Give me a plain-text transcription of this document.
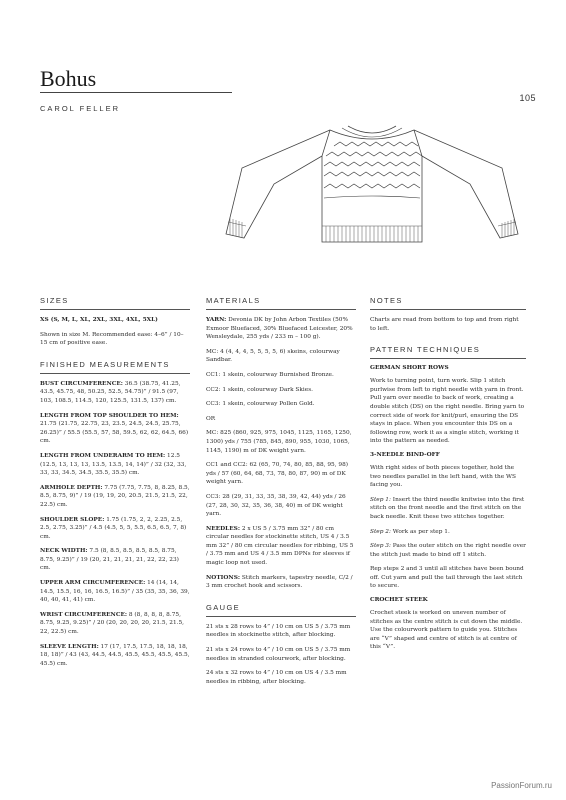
Bohus
105
CAROL FELLER
SIZES

XS (S, M, L, XL, 2XL, 3XL, 4XL, 5XL)

Shown in size M. Recommended ease: 4–6” / 10–15 cm of positive ease.

FINISHED MEASUREMENTS

BUST CIRCUMFERENCE: 36.5 (38.75, 41.25, 43.5, 45.75, 48, 50.25, 52.5, 54.75)” / 91.5 (97, 103, 108.5, 114.5, 120, 125.5, 131.5, 137) cm.

LENGTH FROM TOP SHOULDER TO HEM: 21.75 (21.75, 22.75, 23, 23.5, 24.5, 24.5, 25.75, 26.25)” / 55.5 (55.5, 57, 58, 59.5, 62, 62, 64.5, 66) cm.

LENGTH FROM UNDERARM TO HEM: 12.5 (12.5, 13, 13, 13, 13.5, 13.5, 14, 14)” / 32 (32, 33, 33, 33, 34.5, 34.5, 35.5, 35.5) cm.

ARMHOLE DEPTH: 7.75 (7.75, 7.75, 8, 8.25, 8.5, 8.5, 8.75, 9)” / 19 (19, 19, 20, 20.5, 21.5, 21.5, 22, 22.5) cm.

SHOULDER SLOPE: 1.75 (1.75, 2, 2, 2.25, 2.5, 2.5, 2.75, 3.25)” / 4.5 (4.5, 5, 5, 5.5, 6.5, 6.5, 7, 8) cm.

NECK WIDTH: 7.5 (8, 8.5, 8.5, 8.5, 8.5, 8.75, 8.75, 9.25)” / 19 (20, 21, 21, 21, 21, 22, 22, 23) cm.

UPPER ARM CIRCUMFERENCE: 14 (14, 14, 14.5, 15.5, 16, 16, 16.5, 16.5)” / 35 (35, 35, 36, 39, 40, 40, 41, 41) cm.

WRIST CIRCUMFERENCE: 8 (8, 8, 8, 8, 8.75, 8.75, 9.25, 9.25)” / 20 (20, 20, 20, 20, 21.5, 21.5, 22, 22.5) cm.

SLEEVE LENGTH: 17 (17, 17.5, 17.5, 18, 18, 18, 18, 18)” / 43 (43, 44.5, 44.5, 45.5, 45.5, 45.5, 45.5, 45.5) cm.

MATERIALS

YARN: Devonia DK by John Arbon Textiles (50% Exmoor Bluefaced, 30% Bluefaced Leicester, 20% Wensleydale, 255 yds / 233 m – 100 g).

MC: 4 (4, 4, 4, 5, 5, 5, 5, 6) skeins, colourway Sandbar.

CC1: 1 skein, colourway Burnished Bronze.

CC2: 1 skein, colourway Dark Skies.

CC3: 1 skein, colourway Pollen Gold.

OR

MC: 825 (860, 925, 975, 1045, 1125, 1165, 1250, 1300) yds / 755 (785, 845, 890, 955, 1030, 1065, 1145, 1190) m of DK weight yarn.

CC1 and CC2: 62 (65, 70, 74, 80, 85, 88, 95, 98) yds / 57 (60, 64, 68, 73, 78, 80, 87, 90) m of DK weight yarn.

CC3: 28 (29, 31, 33, 35, 38, 39, 42, 44) yds / 26 (27, 28, 30, 32, 35, 36, 38, 40) m of DK weight yarn.

NEEDLES: 2 x US 5 / 3.75 mm 32” / 80 cm circular needles for stockinette stitch, US 4 / 3.5 mm 32” / 80 cm circular needles for ribbing, US 5 / 3.75 mm and US 4 / 3.5 mm DPNs for sleeves if magic loop not used.

NOTIONS: Stitch markers, tapestry needle, C/2 / 3 mm crochet hook and scissors.

GAUGE

21 sts x 28 rows to 4” / 10 cm on US 5 / 3.75 mm needles in stockinette stitch, after blocking.

21 sts x 24 rows to 4” / 10 cm on US 5 / 3.75 mm needles in stranded colourwork, after blocking.

24 sts x 32 rows to 4” / 10 cm on US 4 / 3.5 mm needles in ribbing, after blocking.

NOTES

Charts are read from bottom to top and from right to left.

PATTERN TECHNIQUES
GERMAN SHORT ROWS

Work to turning point, turn work. Slip 1 stitch purlwise from left to right needle with yarn in front. Pull yarn over needle to back of work, creating a double stitch (DS) on the right needle. Bring yarn to correct side of work for knit/purl, ensuring the DS stays in place. When you encounter this DS on a following row, work it as a single stitch, working it into the pattern as needed.

3-NEEDLE BIND-OFF

With right sides of both pieces together, hold the two needles parallel in the left hand, with the WS facing you.

Step 1: Insert the third needle knitwise into the first stitch on the front needle and the first stitch on the back needle. Knit these two stitches together.

Step 2: Work as per step 1.

Step 3: Pass the outer stitch on the right needle over the stitch just made to bind off 1 stitch.

Rep steps 2 and 3 until all stitches have been bound off. Cut yarn and pull the tail through the last stitch to secure.

CROCHET STEEK

Crochet steek is worked on uneven number of stitches as the centre stitch is cut down the middle. Use the colourwork pattern to guide you. Stitches are “V” shaped and centre of stitch is at centre of this “V”.

PassionForum.ru
